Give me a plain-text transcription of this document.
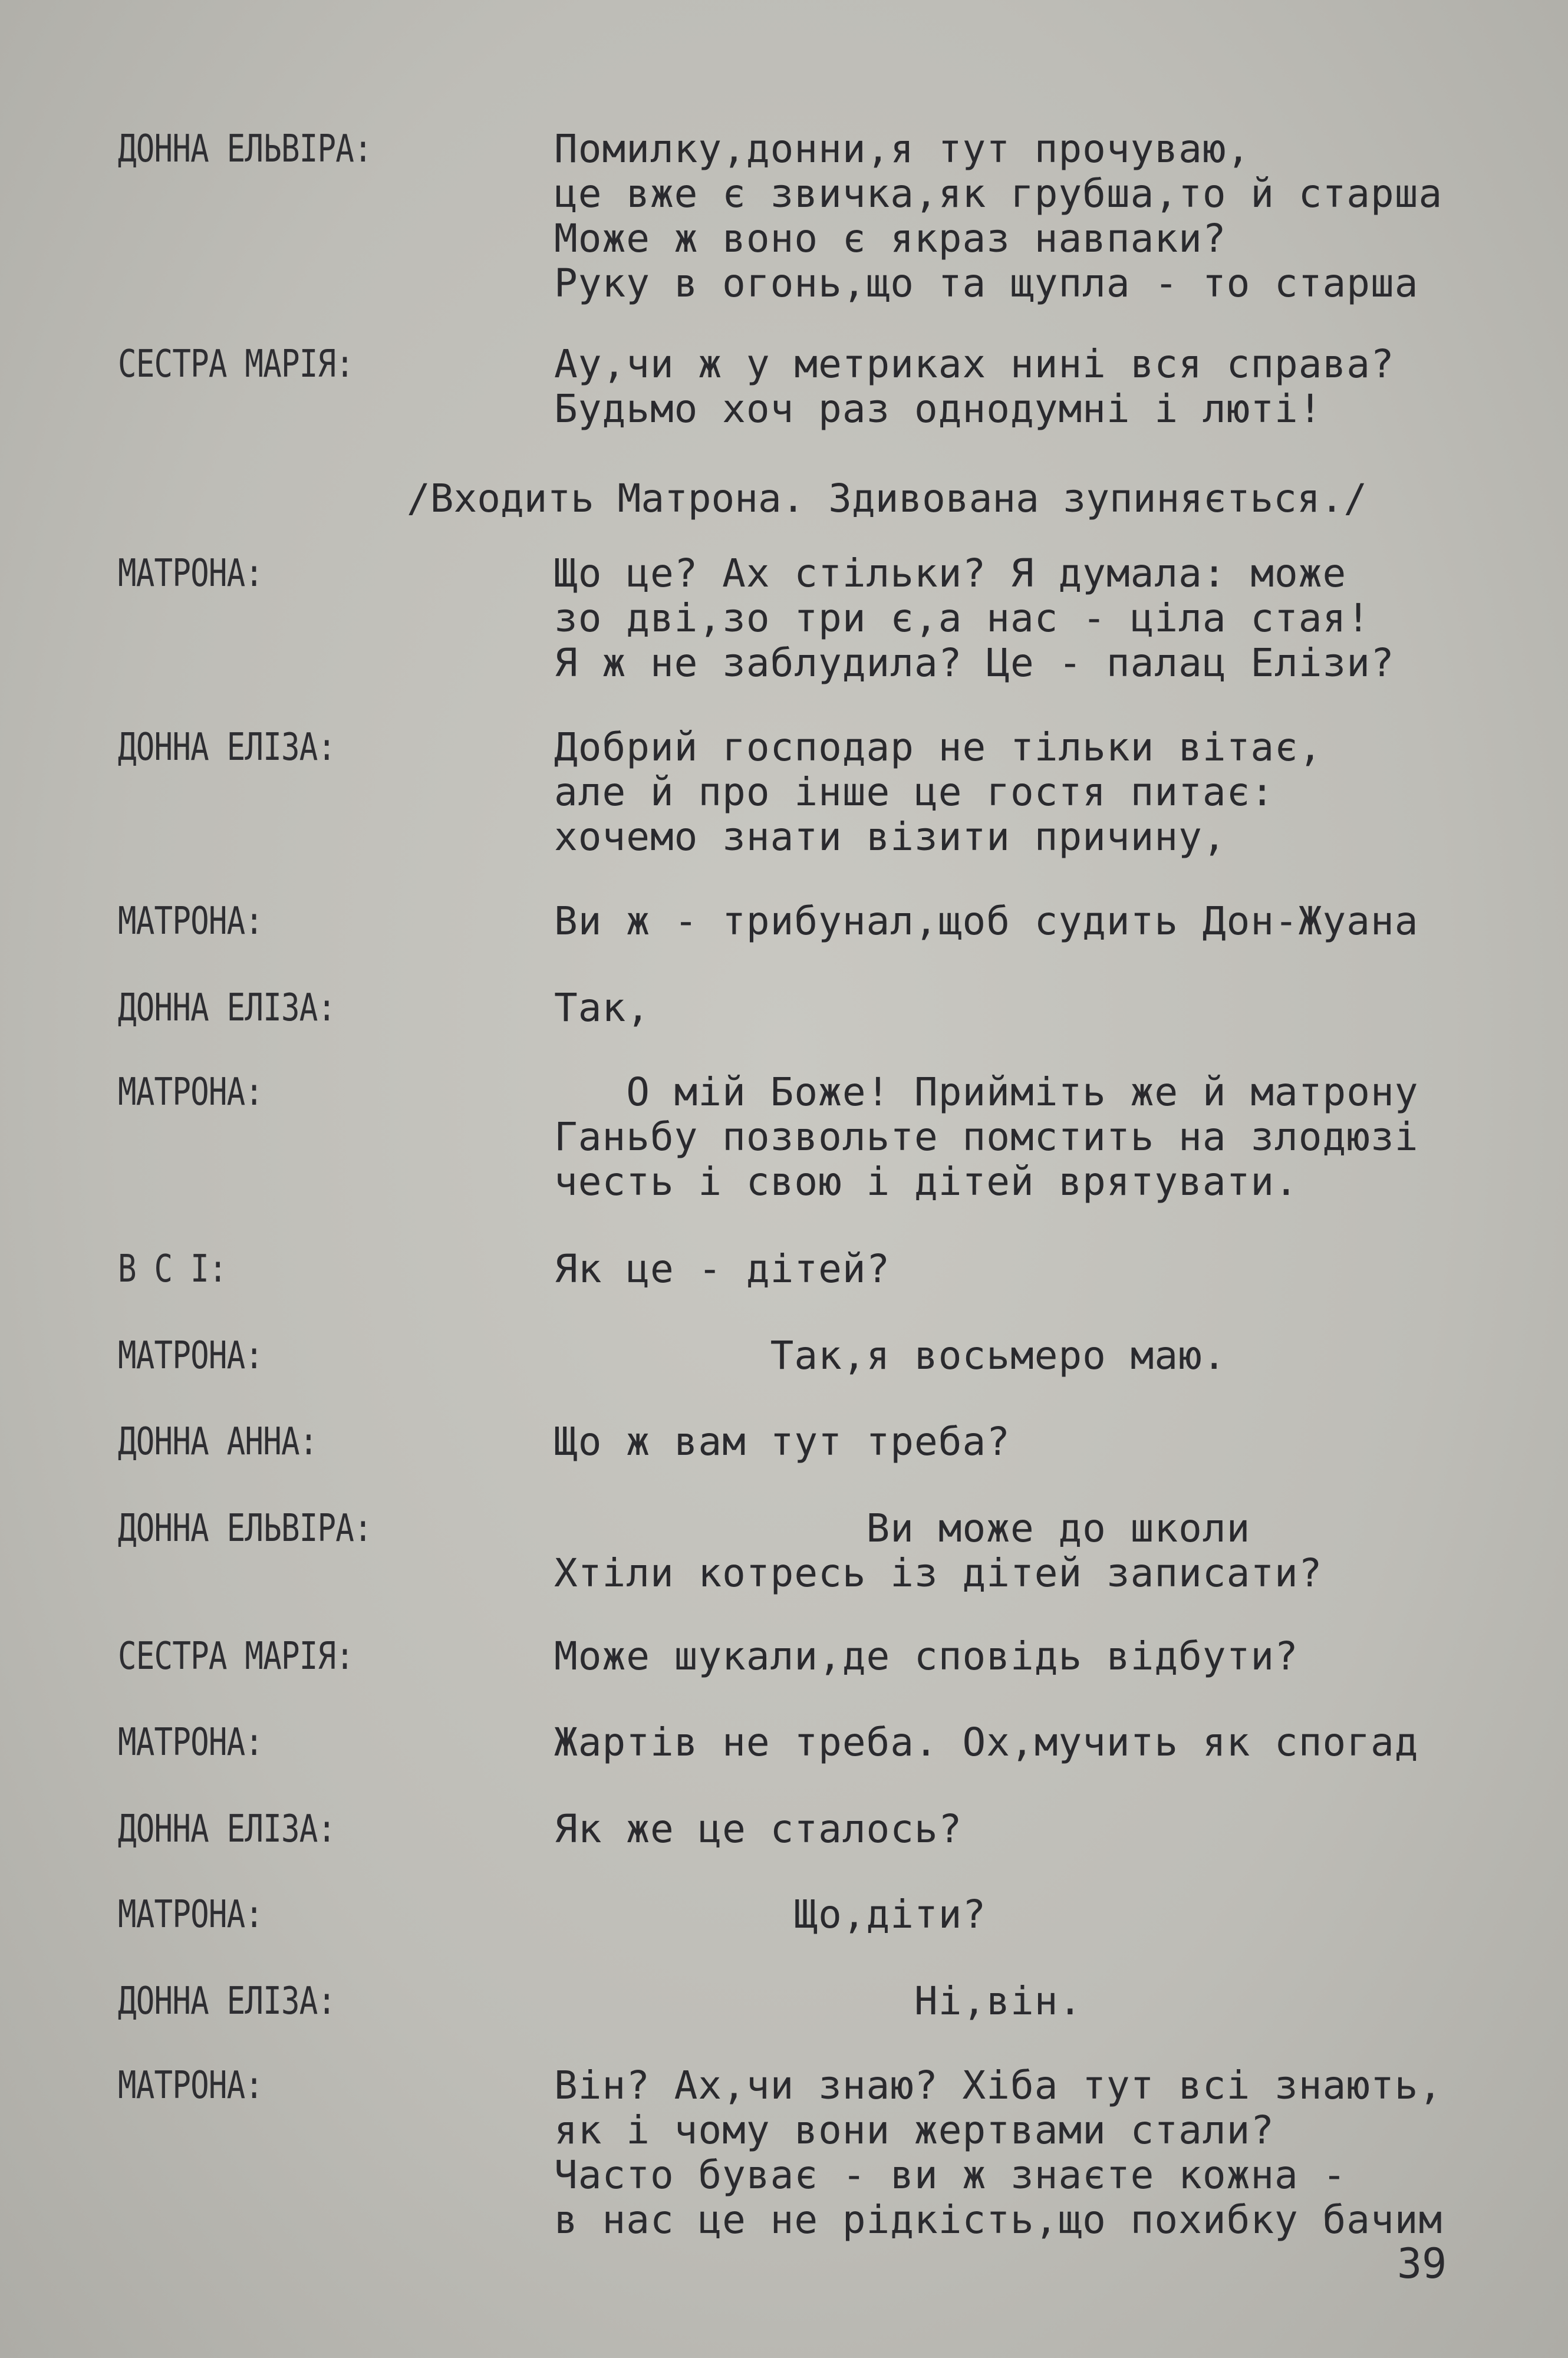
ДОННА ЕЛЬВІРА:	Помилку,донни,я тут прочуваю,
це вже є звичка,як грубша,то й старша
Може ж воно є якраз навпаки?
Руку в огонь,що та щупла - то старша
СЕСТРА МАРІЯ:	Ау,чи ж у метриках нині вся справа?
Будьмо хоч раз однодумні і люті!
/Входить Матрона. Здивована зупиняється./
МАТРОНА:	Що це? Ах стільки? Я думала: може
зо дві,зо три є,а нас - ціла стая!
Я ж не заблудила? Це - палац Елізи?
ДОННА ЕЛІЗА:	Добрий господар не тільки вітає,
але й про інше це гостя питає:
хочемо знати візити причину,
МАТРОНА:	Ви ж - трибунал,щоб судить Дон-Жуана
ДОННА ЕЛІЗА:	Так,
МАТРОНА:	О мій Боже! Прийміть же й матрону
Ганьбу позвольте помстить на злодюзі
честь і свою і дітей врятувати.
В С І:	Як це - дітей?
МАТРОНА:	Так,я восьмеро маю.
ДОННА АННА:	Що ж вам тут треба?
ДОННА ЕЛЬВІРА:	Ви може до школи
Хтіли котресь із дітей записати?
СЕСТРА МАРІЯ:	Може шукали,де сповідь відбути?
МАТРОНА:	Жартів не треба. Ох,мучить як спогад
ДОННА ЕЛІЗА:	Як же це сталось?
МАТРОНА:	Що,діти?
ДОННА ЕЛІЗА:	Ні,він.
МАТРОНА:	Він? Ах,чи знаю? Хіба тут всі знають,
як і чому вони жертвами стали?
Часто буває - ви ж знаєте кожна -
в нас це не рідкість,що похибку бачим
39
